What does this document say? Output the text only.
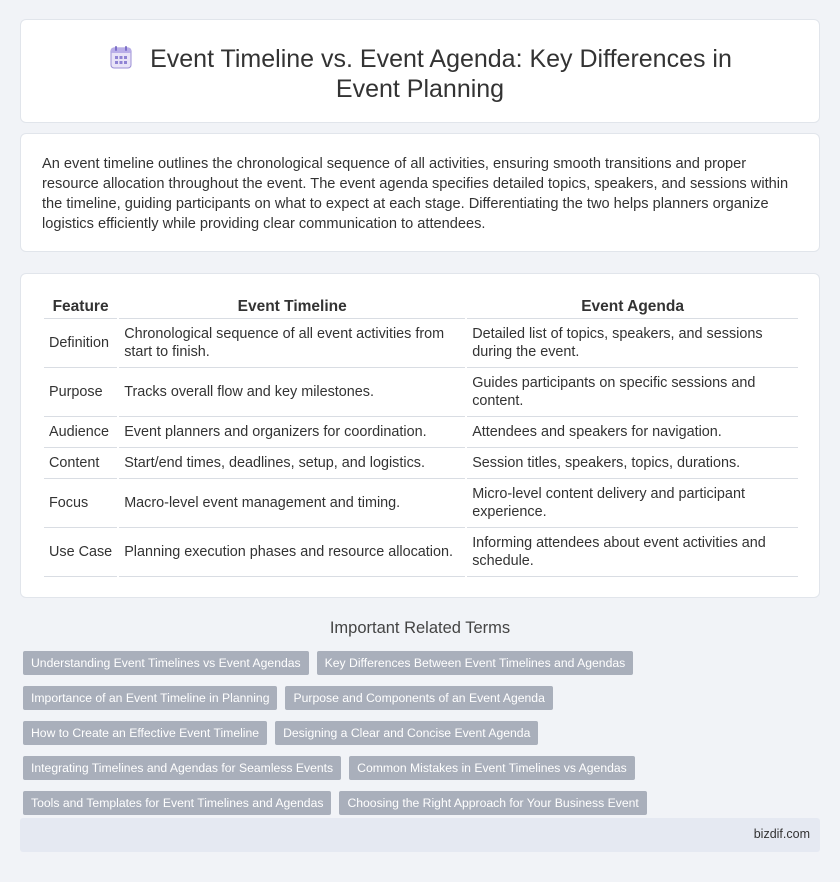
Event Timeline vs. Event Agenda: Key Differences in Event Planning

An event timeline outlines the chronological sequence of all activities, ensuring smooth transitions and proper resource allocation throughout the event. The event agenda specifies detailed topics, speakers, and sessions within the timeline, guiding participants on what to expect at each stage. Differentiating the two helps planners organize logistics efficiently while providing clear communication to attendees.

Feature	Event Timeline	Event Agenda
Definition	Chronological sequence of all event activities from start to finish.	Detailed list of topics, speakers, and sessions during the event.
Purpose	Tracks overall flow and key milestones.	Guides participants on specific sessions and content.
Audience	Event planners and organizers for coordination.	Attendees and speakers for navigation.
Content	Start/end times, deadlines, setup, and logistics.	Session titles, speakers, topics, durations.
Focus	Macro-level event management and timing.	Micro-level content delivery and participant experience.
Use Case	Planning execution phases and resource allocation.	Informing attendees about event activities and schedule.
Important Related Terms
Understanding Event Timelines vs Event Agendas	Key Differences Between Event Timelines and Agendas
Importance of an Event Timeline in Planning	Purpose and Components of an Event Agenda
How to Create an Effective Event Timeline	Designing a Clear and Concise Event Agenda
Integrating Timelines and Agendas for Seamless Events	Common Mistakes in Event Timelines vs Agendas
Tools and Templates for Event Timelines and Agendas	Choosing the Right Approach for Your Business Event
bizdif.com
